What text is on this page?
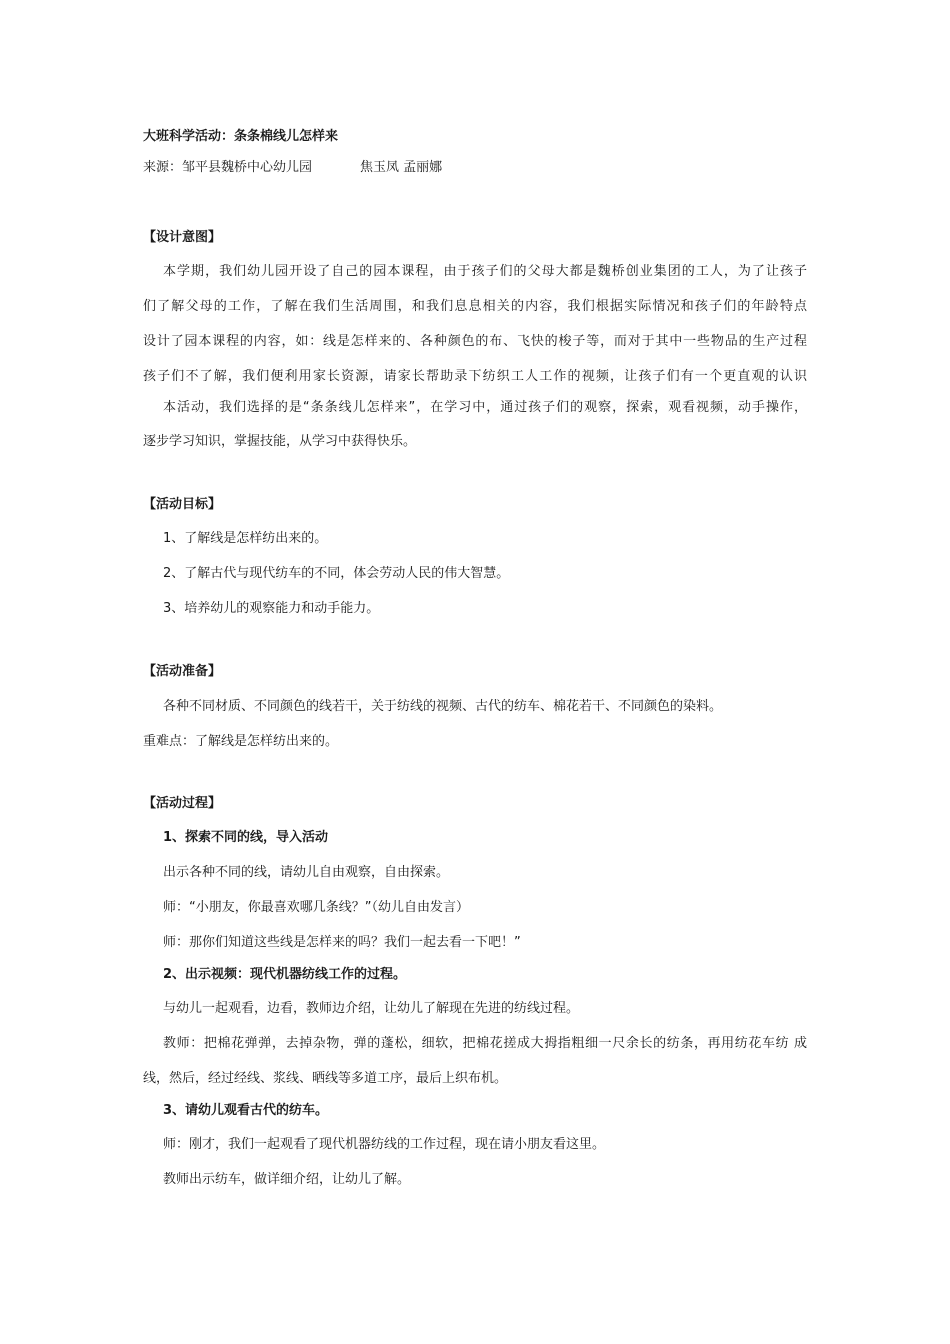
大班科学活动：条条棉线儿怎样来
来源：邹平县魏桥中心幼儿园	焦玉凤 孟丽娜
【设计意图】
本学期，我们幼儿园开设了自己的园本课程，由于孩子们的父母大都是魏桥创业集团的工人，为了让孩子
们了解父母的工作，了解在我们生活周围，和我们息息相关的内容，我们根据实际情况和孩子们的年龄特点
设计了园本课程的内容，如：线是怎样来的、各种颜色的布、飞快的梭子等，而对于其中一些物品的生产过程
孩子们不了解，我们便利用家长资源，请家长帮助录下纺织工人工作的视频，让孩子们有一个更直观的认识
本活动，我们选择的是“条条线儿怎样来”，在学习中，通过孩子们的观察，探索，观看视频，动手操作，
逐步学习知识，掌握技能，从学习中获得快乐。
【活动目标】
1、了解线是怎样纺出来的。
2、了解古代与现代纺车的不同，体会劳动人民的伟大智慧。
3、培养幼儿的观察能力和动手能力。
【活动准备】
各种不同材质、不同颜色的线若干，关于纺线的视频、古代的纺车、棉花若干、不同颜色的染料。
重难点：了解线是怎样纺出来的。
【活动过程】
1、探索不同的线，导入活动
出示各种不同的线，请幼儿自由观察，自由探索。
师：“小朋友，你最喜欢哪几条线？”（幼儿自由发言）
师：那你们知道这些线是怎样来的吗？我们一起去看一下吧！”
2、出示视频：现代机器纺线工作的过程。
与幼儿一起观看，边看，教师边介绍，让幼儿了解现在先进的纺线过程。
教师：把棉花弹弹，去掉杂物，弹的蓬松，细软，把棉花搓成大拇指粗细一尺余长的纺条，再用纺花车纺 成
线，然后，经过经线、浆线、晒线等多道工序，最后上织布机。
3、请幼儿观看古代的纺车。
师：刚才，我们一起观看了现代机器纺线的工作过程，现在请小朋友看这里。
教师出示纺车，做详细介绍，让幼儿了解。
